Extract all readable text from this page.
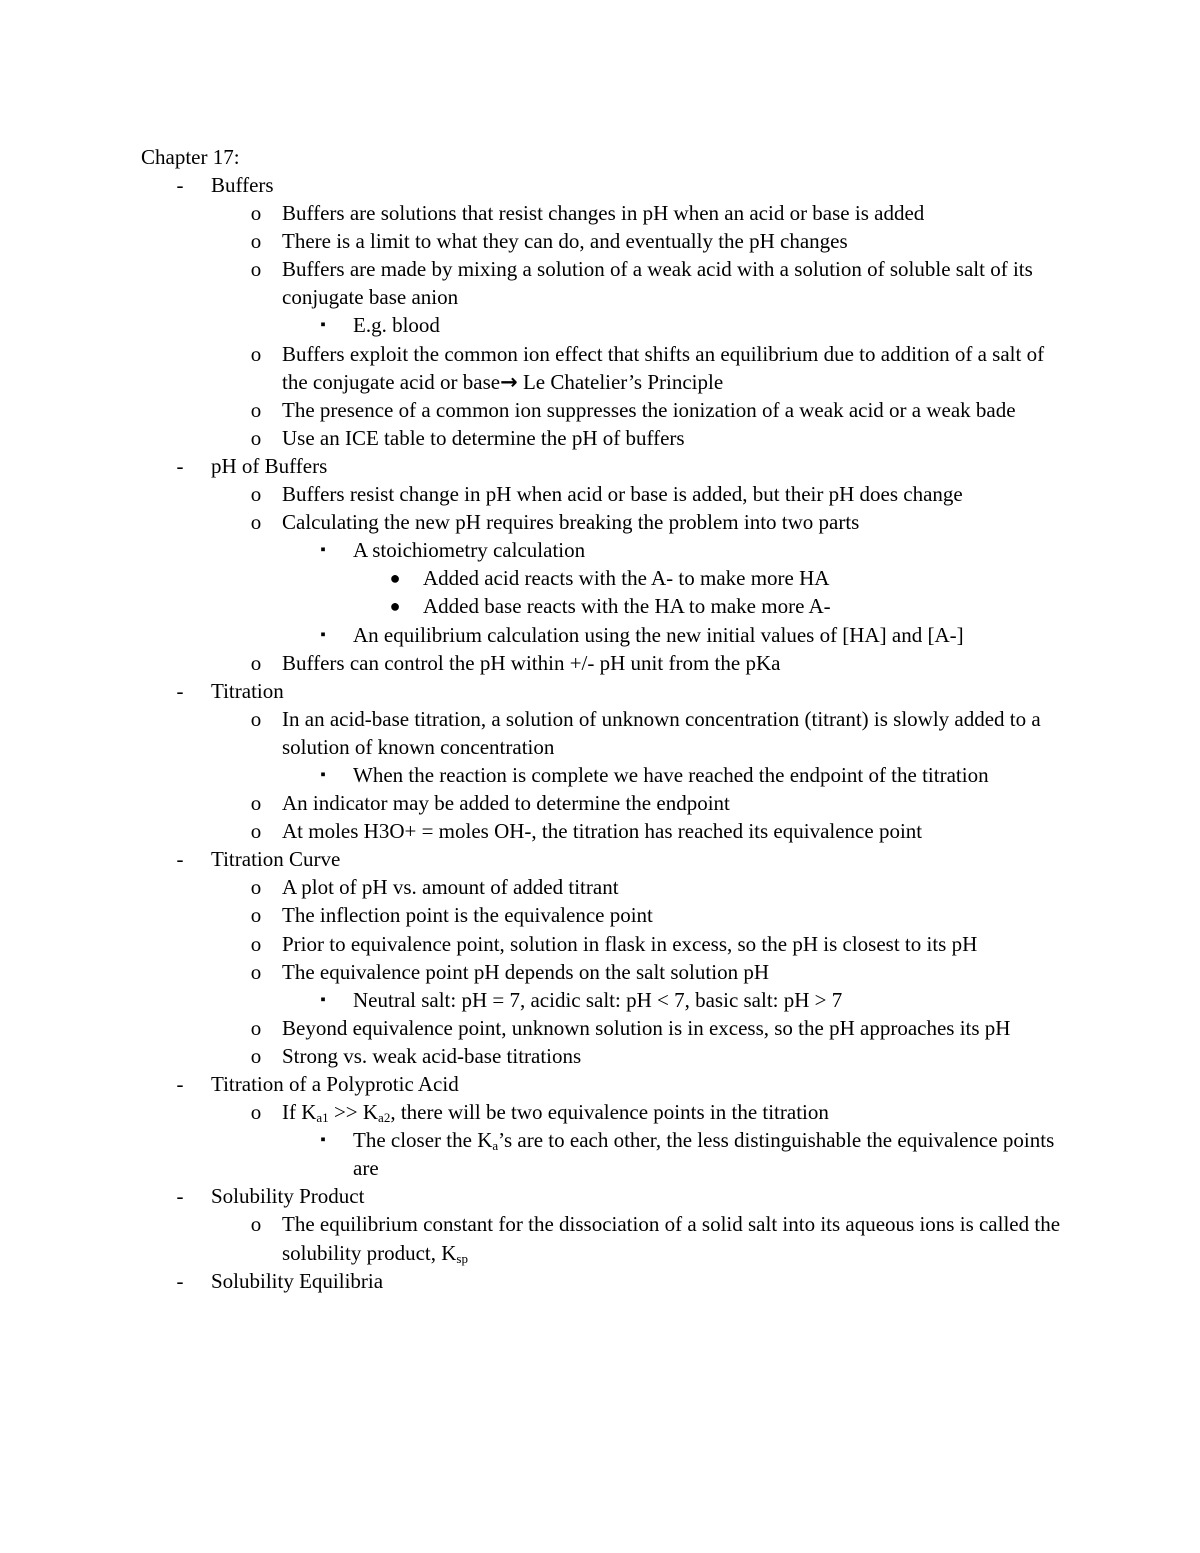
Chapter 17:
-	Buffers
o Buffers are solutions that resist changes in pH when an acid or base is added
o There is a limit to what they can do, and eventually the pH changes
o Buffers are made by mixing a solution of a weak acid with a solution of soluble salt of its conjugate base anion
▪	E.g. blood
o Buffers exploit the common ion effect that shifts an equilibrium due to addition of a salt of the conjugate acid or base→ Le Chatelier’s Principle
o The presence of a common ion suppresses the ionization of a weak acid or a weak bade
o Use an ICE table to determine the pH of buffers
-	pH of Buffers
o Buffers resist change in pH when acid or base is added, but their pH does change
o Calculating the new pH requires breaking the problem into two parts
▪	A stoichiometry calculation
● Added acid reacts with the A- to make more HA
● Added base reacts with the HA to make more A-
▪	An equilibrium calculation using the new initial values of [HA] and [A-]
o Buffers can control the pH within +/- pH unit from the pKa
-	Titration
o In an acid-base titration, a solution of unknown concentration (titrant) is slowly added to a solution of known concentration
▪	When the reaction is complete we have reached the endpoint of the titration
o An indicator may be added to determine the endpoint
o At moles H3O+ = moles OH-, the titration has reached its equivalence point
-	Titration Curve
o A plot of pH vs. amount of added titrant
o The inflection point is the equivalence point
o Prior to equivalence point, solution in flask in excess, so the pH is closest to its pH
o The equivalence point pH depends on the salt solution pH
▪	Neutral salt: pH = 7, acidic salt: pH < 7, basic salt: pH > 7
o Beyond equivalence point, unknown solution is in excess, so the pH approaches its pH
o Strong vs. weak acid-base titrations
-	Titration of a Polyprotic Acid
o If $K_{a1} >> K_{a2}$, there will be two equivalence points in the titration
▪	The closer the $K_a’s$ are to each other, the less distinguishable the equivalence points are
-	Solubility Product
o The equilibrium constant for the dissociation of a solid salt into its aqueous ions is called the solubility product, $K_{sp}$
-	Solubility Equilibria
